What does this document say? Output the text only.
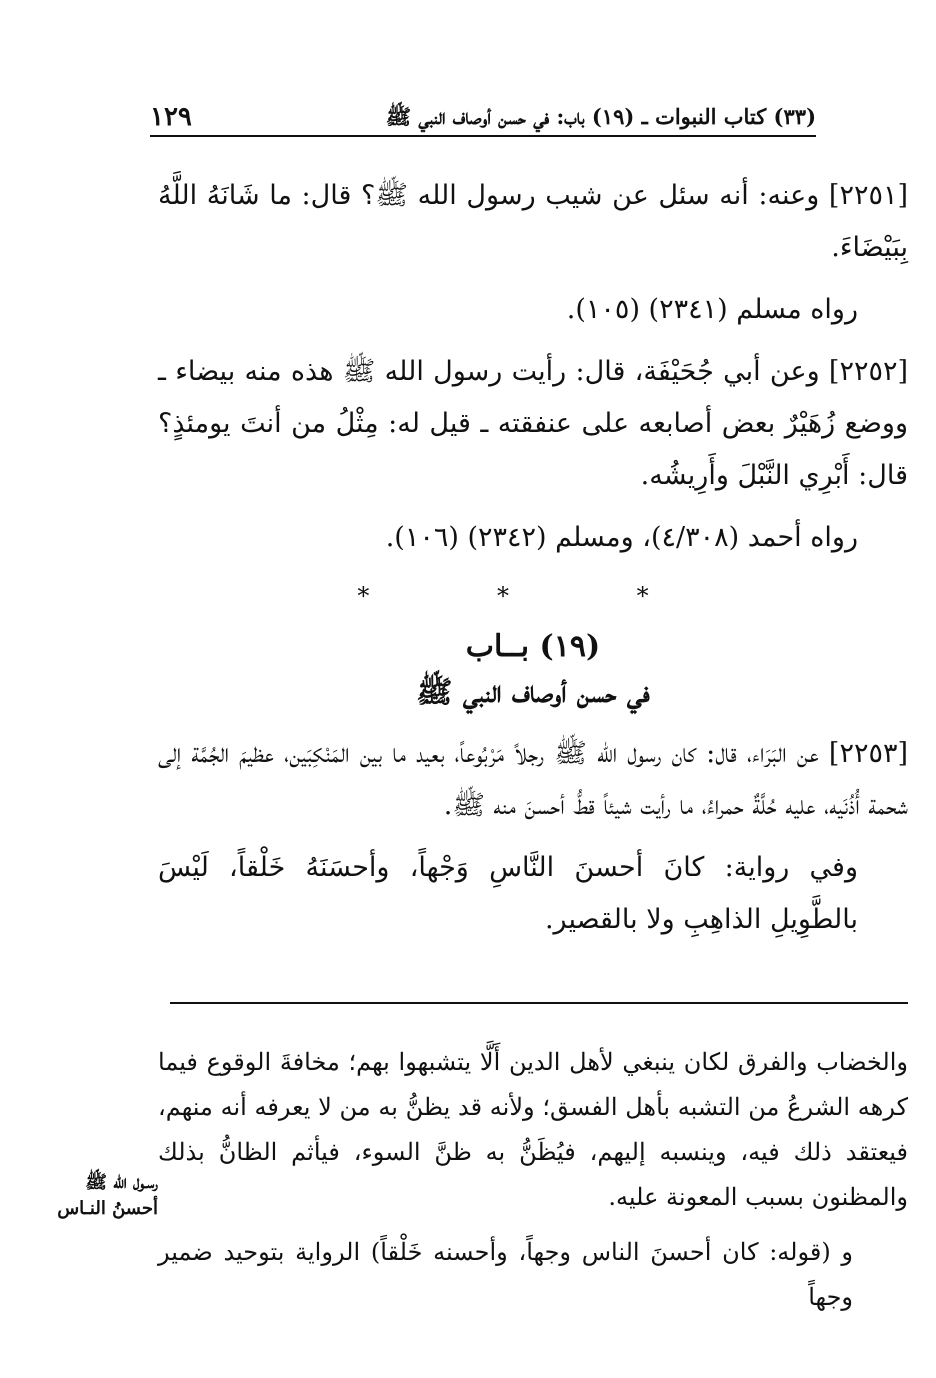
١٢٩	(٣٣) كتاب النبوات ـ (١٩) باب: في حسن أوصاف النبي ﷺ

[٢٢٥١] وعنه: أنه سئل عن شيب رسول الله ﷺ؟ قال: ما شَانَهُ اللَّهُ بِبَيْضَاءَ.

رواه مسلم (٢٣٤١) (١٠٥).

[٢٢٥٢] وعن أبي جُحَيْفَة، قال: رأيت رسول الله ﷺ هذه منه بيضاء ـ ووضع زُهَيْرٌ بعض أصابعه على عنفقته ـ قيل له: مِثْلُ من أنتَ يومئذٍ؟ قال: أَبْرِي النَّبْلَ وأَرِيشُه.

رواه أحمد (٤/٣٠٨)، ومسلم (٢٣٤٢) (١٠٦).

* * *

(١٩) بــاب

في حسن أوصاف النبي ﷺ

[٢٢٥٣] عن البَرَاء، قال: كان رسول الله ﷺ رجلاً مَرْبُوعاً، بعيد ما بين المَنْكِبَين، عظيمَ الجُمَّة إلى شحمة أُذُنَيه، عليه حُلَّةٌ حمراءُ، ما رأيت شيئاً قطُّ أحسنَ منه ﷺ.

وفي رواية: كانَ أحسنَ النَّاسِ وَجْهاً، وأحسَنَهُ خَلْقاً، لَيْسَ بالطَّوِيلِ الذاهِبِ ولا بالقصير.

والخضاب والفرق لكان ينبغي لأهل الدين أَلَّا يتشبهوا بهم؛ مخافةَ الوقوع فيما كرهه الشرعُ من التشبه بأهل الفسق؛ ولأنه قد يظنُّ به من لا يعرفه أنه منهم، فيعتقد ذلك فيه، وينسبه إليهم، فيُظَنُّ به ظنَّ السوء، فيأثم الظانُّ بذلك والمظنون بسبب المعونة عليه.

و (قوله: كان أحسنَ الناس وجهاً، وأحسنه خَلْقاً) الرواية بتوحيد ضمير وجهاً

رسـول الله ﷺ
أحسنُ النـاس
